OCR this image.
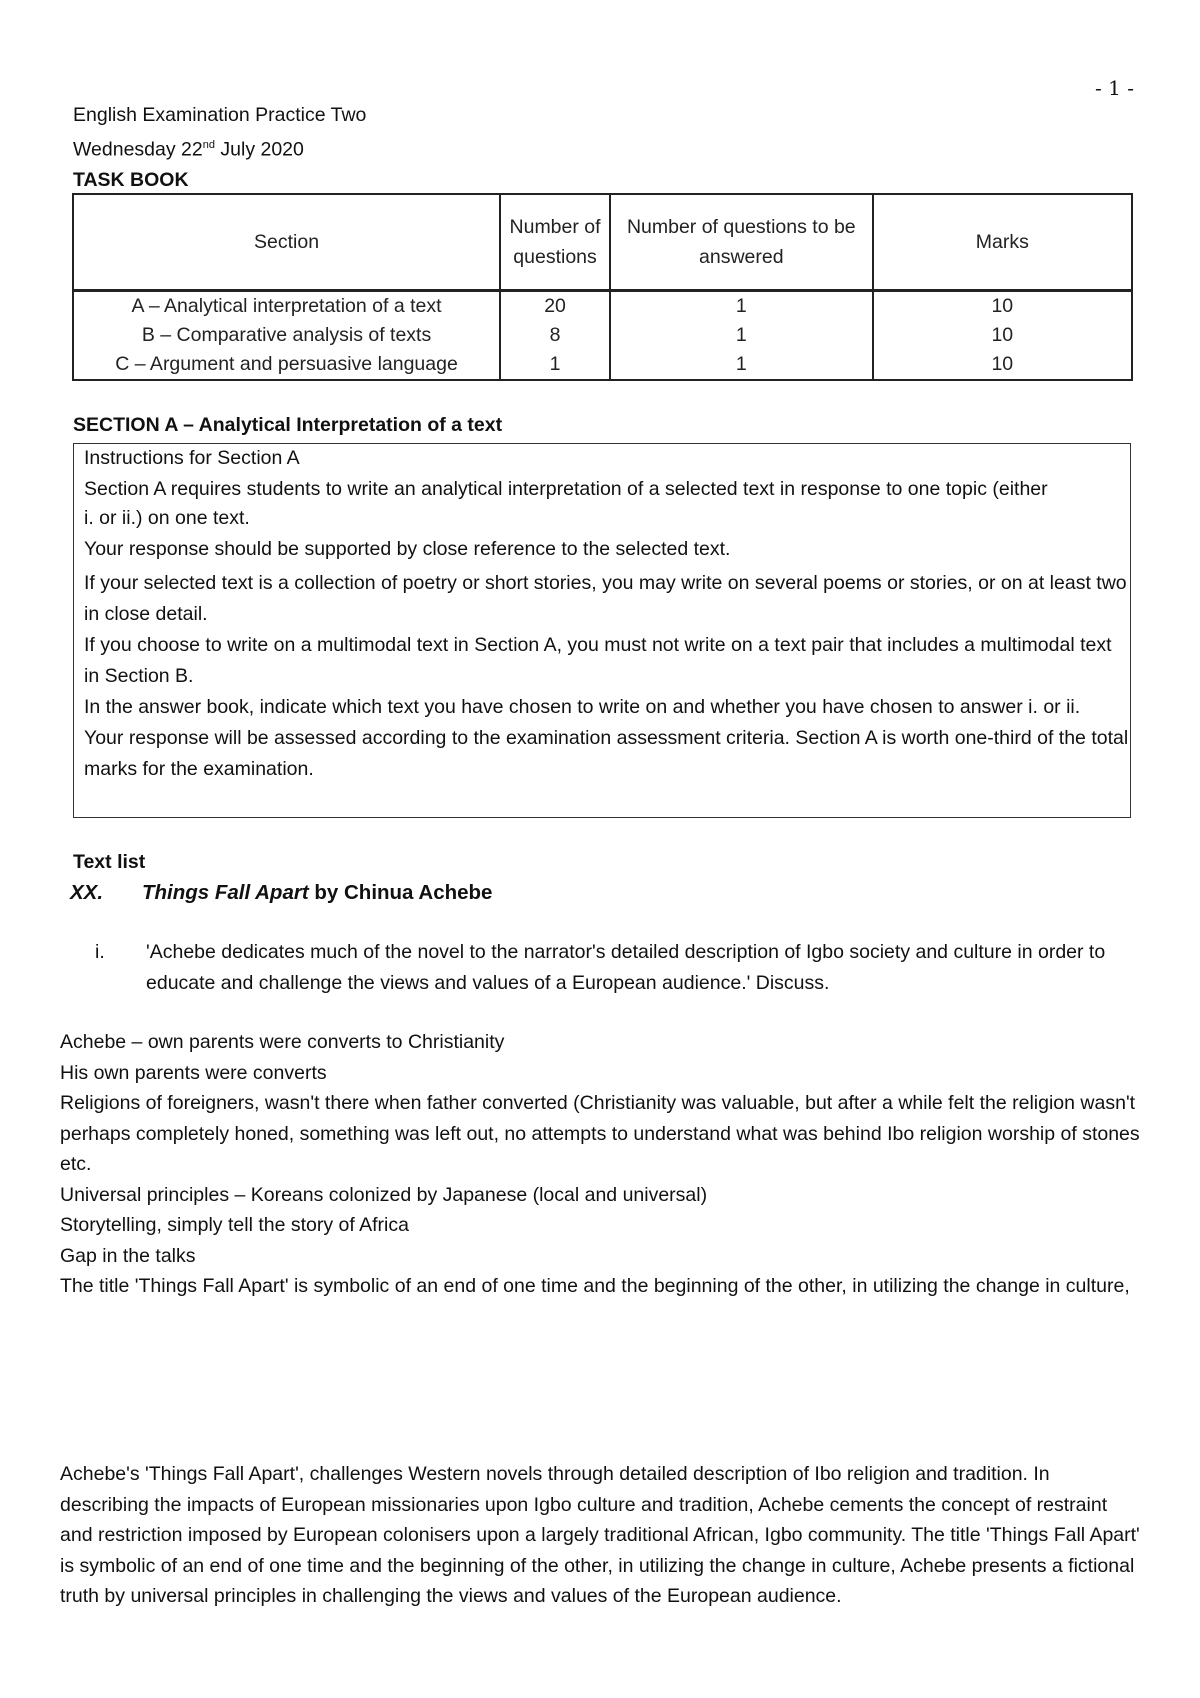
- 1 -
English Examination Practice Two
Wednesday 22nd July 2020
TASK BOOK
Section	Number of questions	Number of questions to be answered	Marks
A – Analytical interpretation of a text	20	1	10
B – Comparative analysis of texts	8	1	10
C – Argument and persuasive language	1	1	10
SECTION A – Analytical Interpretation of a text

Instructions for Section A

Section A requires students to write an analytical interpretation of a selected text in response to one topic (either

i. or ii.) on one text.

Your response should be supported by close reference to the selected text.

If your selected text is a collection of poetry or short stories, you may write on several poems or stories, or on at least two in close detail.

If you choose to write on a multimodal text in Section A, you must not write on a text pair that includes a multimodal text in Section B.

In the answer book, indicate which text you have chosen to write on and whether you have chosen to answer i. or ii.

Your response will be assessed according to the examination assessment criteria. Section A is worth one-third of the total marks for the examination.

Text list
XX. Things Fall Apart by Chinua Achebe
i.	'Achebe dedicates much of the novel to the narrator's detailed description of Igbo society and culture in order to educate and challenge the views and values of a European audience.' Discuss.
Achebe – own parents were converts to Christianity
His own parents were converts
Religions of foreigners, wasn't there when father converted (Christianity was valuable, but after a while felt the religion wasn't perhaps completely honed, something was left out, no attempts to understand what was behind Ibo religion worship of stones etc.
Universal principles – Koreans colonized by Japanese (local and universal)
Storytelling, simply tell the story of Africa
Gap in the talks
The title 'Things Fall Apart' is symbolic of an end of one time and the beginning of the other, in utilizing the change in culture,
Achebe's 'Things Fall Apart', challenges Western novels through detailed description of Ibo religion and tradition. In describing the impacts of European missionaries upon Igbo culture and tradition, Achebe cements the concept of restraint and restriction imposed by European colonisers upon a largely traditional African, Igbo community. The title 'Things Fall Apart' is symbolic of an end of one time and the beginning of the other, in utilizing the change in culture, Achebe presents a fictional truth by universal principles in challenging the views and values of the European audience.
